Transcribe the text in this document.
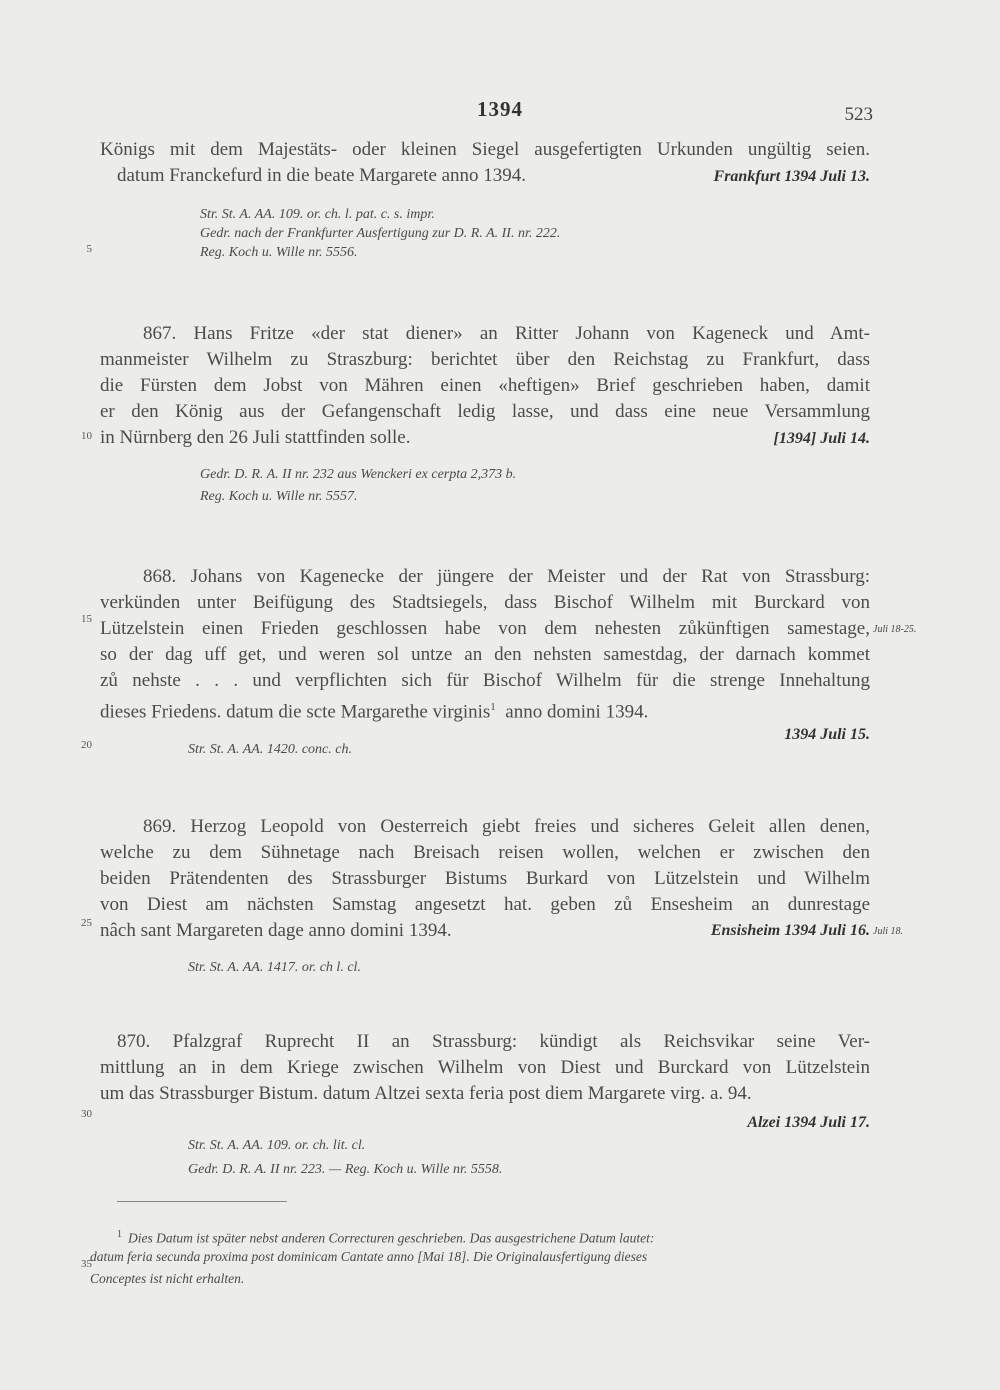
1394	523
5
10
15
20
25
30
35
Königs mit dem Majestäts- oder kleinen Siegel ausgefertigten Urkunden ungültig seien.
datum Franckefurd in die beate Margarete anno 1394.	Frankfurt 1394 Juli 13.
Str. St. A. AA. 109. or. ch. l. pat. c. s. impr.
Gedr. nach der Frankfurter Ausfertigung zur D. R. A. II. nr. 222.
Reg. Koch u. Wille nr. 5556.
867. Hans Fritze «der stat diener» an Ritter Johann von Kageneck und Amt-
manmeister Wilhelm zu Straszburg: berichtet über den Reichstag zu Frankfurt, dass
die Fürsten dem Jobst von Mähren einen «heftigen» Brief geschrieben haben, damit
er den König aus der Gefangenschaft ledig lasse, und dass eine neue Versammlung
in Nürnberg den 26 Juli stattfinden solle.	[1394] Juli 14.
Gedr. D. R. A. II nr. 232 aus Wenckeri ex cerpta 2,373 b.
Reg. Koch u. Wille nr. 5557.
868. Johans von Kagenecke der jüngere der Meister und der Rat von Strassburg:
verkünden unter Beifügung des Stadtsiegels, dass Bischof Wilhelm mit Burckard von
Lützelstein einen Frieden geschlossen habe von dem nehesten zůkünftigen samestage, Juli 18-25.
so der dag uff get, und weren sol untze an den nehsten samestdag, der darnach kommet
zů nehste . . . und verpflichten sich für Bischof Wilhelm für die strenge Innehaltung
dieses Friedens. datum die scte Margarethe virginis$^1$ anno domini 1394.
1394 Juli 15.
Str. St. A. AA. 1420. conc. ch.
869. Herzog Leopold von Oesterreich giebt freies und sicheres Geleit allen denen,
welche zu dem Sühnetage nach Breisach reisen wollen, welchen er zwischen den
beiden Prätendenten des Strassburger Bistums Burkard von Lützelstein und Wilhelm
von Diest am nächsten Samstag angesetzt hat. geben zů Ensesheim an dunrestage
nâch sant Margareten dage anno domini 1394.	Ensisheim 1394 Juli 16. Juli 18.
Str. St. A. AA. 1417. or. ch l. cl.
870. Pfalzgraf Ruprecht II an Strassburg: kündigt als Reichsvikar seine Ver-
mittlung an in dem Kriege zwischen Wilhelm von Diest und Burckard von Lützelstein
um das Strassburger Bistum. datum Altzei sexta feria post diem Margarete virg. a. 94.
Alzei 1394 Juli 17.
Str. St. A. AA. 109. or. ch. lit. cl.
Gedr. D. R. A. II nr. 223. — Reg. Koch u. Wille nr. 5558.
$^1$ Dies Datum ist später nebst anderen Correcturen geschrieben. Das ausgestrichene Datum lautet:
datum feria secunda proxima post dominicam Cantate anno [Mai 18]. Die Originalausfertigung dieses
Conceptes ist nicht erhalten.
